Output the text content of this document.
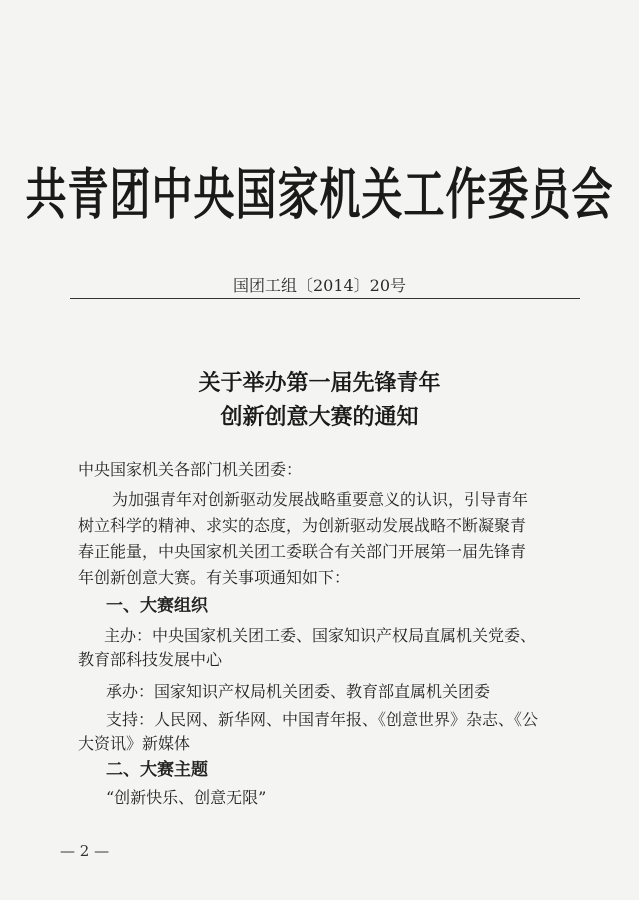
共青团中央国家机关工作委员会
国团工组〔2014〕20号
关于举办第一届先锋青年
创新创意大赛的通知
中央国家机关各部门机关团委：
为加强青年对创新驱动发展战略重要意义的认识，引导青年
树立科学的精神、求实的态度，为创新驱动发展战略不断凝聚青
春正能量，中央国家机关团工委联合有关部门开展第一届先锋青
年创新创意大赛。有关事项通知如下：
一、大赛组织
主办：中央国家机关团工委、国家知识产权局直属机关党委、
教育部科技发展中心
承办：国家知识产权局机关团委、教育部直属机关团委
支持：人民网、新华网、中国青年报、《创意世界》杂志、《公
大资讯》新媒体
二、大赛主题
“创新快乐、创意无限”
— 2 —
